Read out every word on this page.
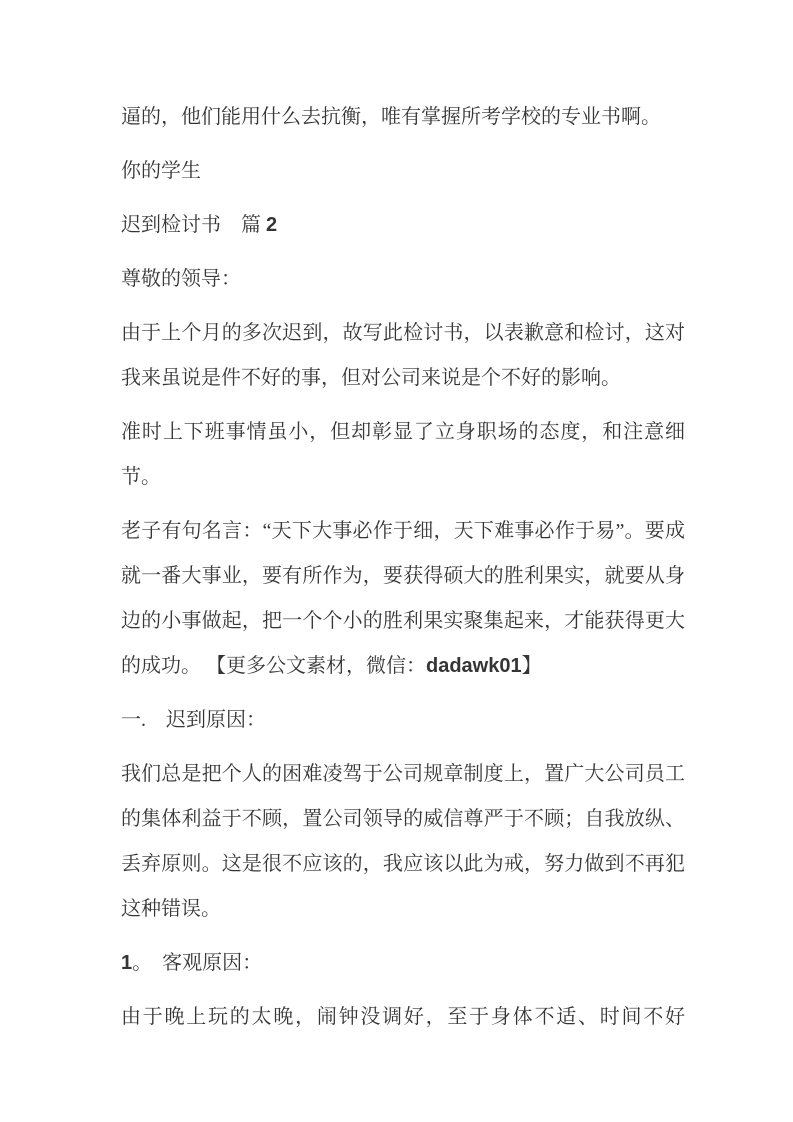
逼的，他们能用什么去抗衡，唯有掌握所考学校的专业书啊。

你的学生

迟到检讨书　篇 2

尊敬的领导：

由于上个月的多次迟到，故写此检讨书，以表歉意和检讨，这对我来虽说是件不好的事，但对公司来说是个不好的影响。

准时上下班事情虽小，但却彰显了立身职场的态度，和注意细节。

老子有句名言：“天下大事必作于细，天下难事必作于易”。要成就一番大事业，要有所作为，要获得硕大的胜利果实，就要从身边的小事做起，把一个个小的胜利果实聚集起来，才能获得更大的成功。 【更多公文素材，微信：dadawk01】

一.　迟到原因：

我们总是把个人的困难凌驾于公司规章制度上，置广大公司员工的集体利益于不顾，置公司领导的威信尊严于不顾；自我放纵、丢弃原则。这是很不应该的，我应该以此为戒，努力做到不再犯这种错误。

1。　客观原因：

由于晚上玩的太晚，闹钟没调好，至于身体不适、时间不好
